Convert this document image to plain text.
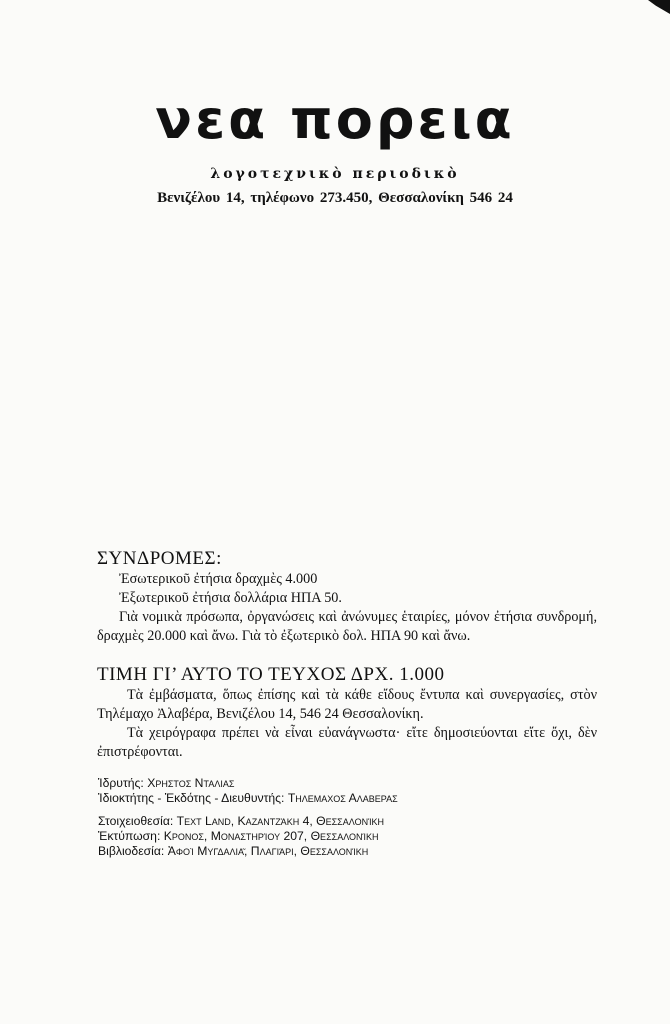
νεα πορεια
λογοτεχνικὸ περιοδικὸ
Βενιζέλου 14, τηλέφωνο 273.450, Θεσσαλονίκη 546 24
ΣΥΝΔΡΟΜΕΣ:
Ἐσωτερικοῦ ἐτήσια δραχμὲς 4.000
Ἐξωτερικοῦ ἐτήσια δολλάρια ΗΠΑ 50.
Γιὰ νομικὰ πρόσωπα, ὀργανώσεις καὶ ἀνώνυμες ἑταιρίες, μόνον ἐτήσια συνδρομή, δραχμὲς 20.000 καὶ ἄνω. Γιὰ τὸ ἐξωτερικὸ δολ. ΗΠΑ 90 καὶ ἄνω.
ΤΙΜΗ ΓΙ’ ΑΥΤΟ ΤΟ ΤΕΥΧΟΣ ΔΡΧ. 1.000
Τὰ ἐμβάσματα, ὅπως ἐπίσης καὶ τὰ κάθε εἴδους ἔντυπα καὶ συνεργασίες, στὸν Τηλέμαχο Ἀλαβέρα, Βενιζέλου 14, 546 24 Θεσσαλονίκη.
Τὰ χειρόγραφα πρέπει νὰ εἶναι εὐανάγνωστα· εἴτε δημοσιεύονται εἴτε ὄχι, δὲν ἐπιστρέφονται.
Ἱδρυτής: Χρηστος Νταλιας
Ἰδιοκτήτης - Ἐκδότης - Διευθυντής: Τηλεμαχος Αλαβερας
Στοιχειοθεσία: Text Land, Καζαντζάκη 4, Θεσσαλονίκη
Ἐκτύπωση: Κρονος, Μοναστηρίου 207, Θεσσαλονίκη
Βιβλιοδεσία: Ἀφοὶ Μυγδαλιᾶ, Πλαγιάρι, Θεσσαλονίκη
